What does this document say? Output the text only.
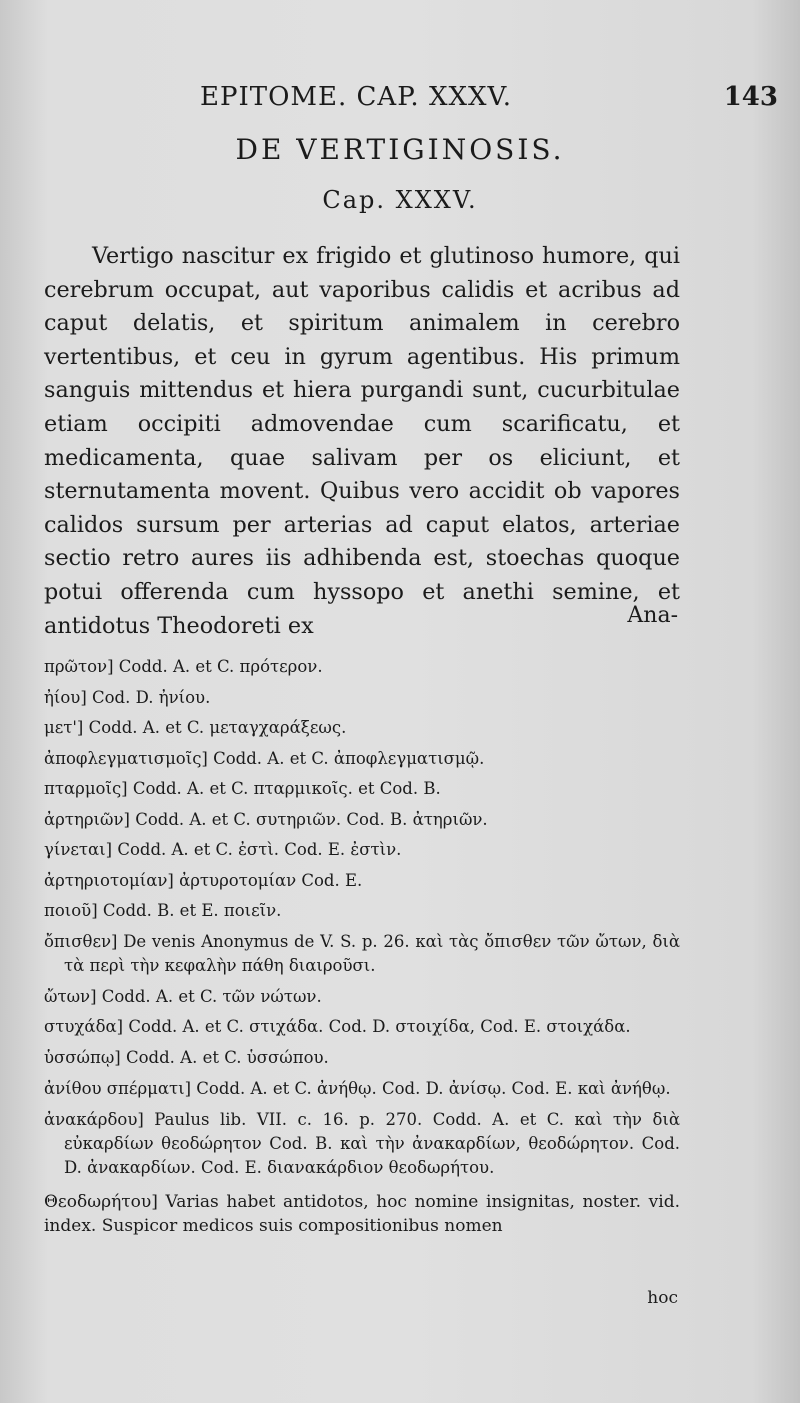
EPITOME. CAP. XXXV.	143
DE VERTIGINOSIS.
Cap. XXXV.

Vertigo nascitur ex frigido et glutinoso humore, qui cerebrum occupat, aut vaporibus calidis et acribus ad caput delatis, et spiritum animalem in cerebro vertentibus, et ceu in gyrum agentibus. His primum sanguis mittendus et hiera purgandi sunt, cucurbitulae etiam occipiti admovendae cum scarificatu, et medicamenta, quae salivam per os eliciunt, et sternutamenta movent. Quibus vero accidit ob vapores calidos sursum per arterias ad caput elatos, arteriae sectio retro aures iis adhibenda est, stoechas quoque potui offerenda cum hyssopo et anethi semine, et antidotus Theodoreti ex	Ana-
πρῶτον] Codd. A. et C. πρότερον.
ἠίου] Cod. D. ἠνίου.
μετ'] Codd. A. et C. μεταγχαράξεως.
ἀποφλεγματισμοῖς] Codd. A. et C. ἀποφλεγματισμῷ.
πταρμοῖς] Codd. A. et C. πταρμικοῖς. et Cod. B.
ἀρτηριῶν] Codd. A. et C. συτηριῶν. Cod. B. ἀτηριῶν.
γίνεται] Codd. A. et C. ἐστὶ. Cod. E. ἐστὶν.
ἀρτηριοτομίαν] ἀρτυροτομίαν Cod. E.
ποιοῦ] Codd. B. et E. ποιεῖν.
ὄπισθεν] De venis Anonymus de V. S. p. 26. καὶ τὰς ὄπισθεν τῶν ὤτων, διὰ τὰ περὶ τὴν κεφαλὴν πάθη διαιροῦσι.
ὤτων] Codd. A. et C. τῶν νώτων.
στυχάδα] Codd. A. et C. στιχάδα. Cod. D. στοιχίδα, Cod. E. στοιχάδα.
ὑσσώπῳ] Codd. A. et C. ὑσσώπου.
ἀνίθου σπέρματι] Codd. A. et C. ἀνήθῳ. Cod. D. ἀνίσῳ. Cod. E. καὶ ἀνήθῳ.
ἀνακάρδου] Paulus lib. VII. c. 16. p. 270. Codd. A. et C. καὶ τὴν διὰ εὐκαρδίων θεοδώρητον Cod. B. καὶ τὴν ἀνακαρδίων, θεοδώρητον. Cod. D. ἀνακαρδίων. Cod. E. διανακάρδιον θεοδωρήτου.
Θεοδωρήτου] Varias habet antidotos, hoc nomine insignitas, noster. vid. index. Suspicor medicos suis compositionibus nomen
hoc
